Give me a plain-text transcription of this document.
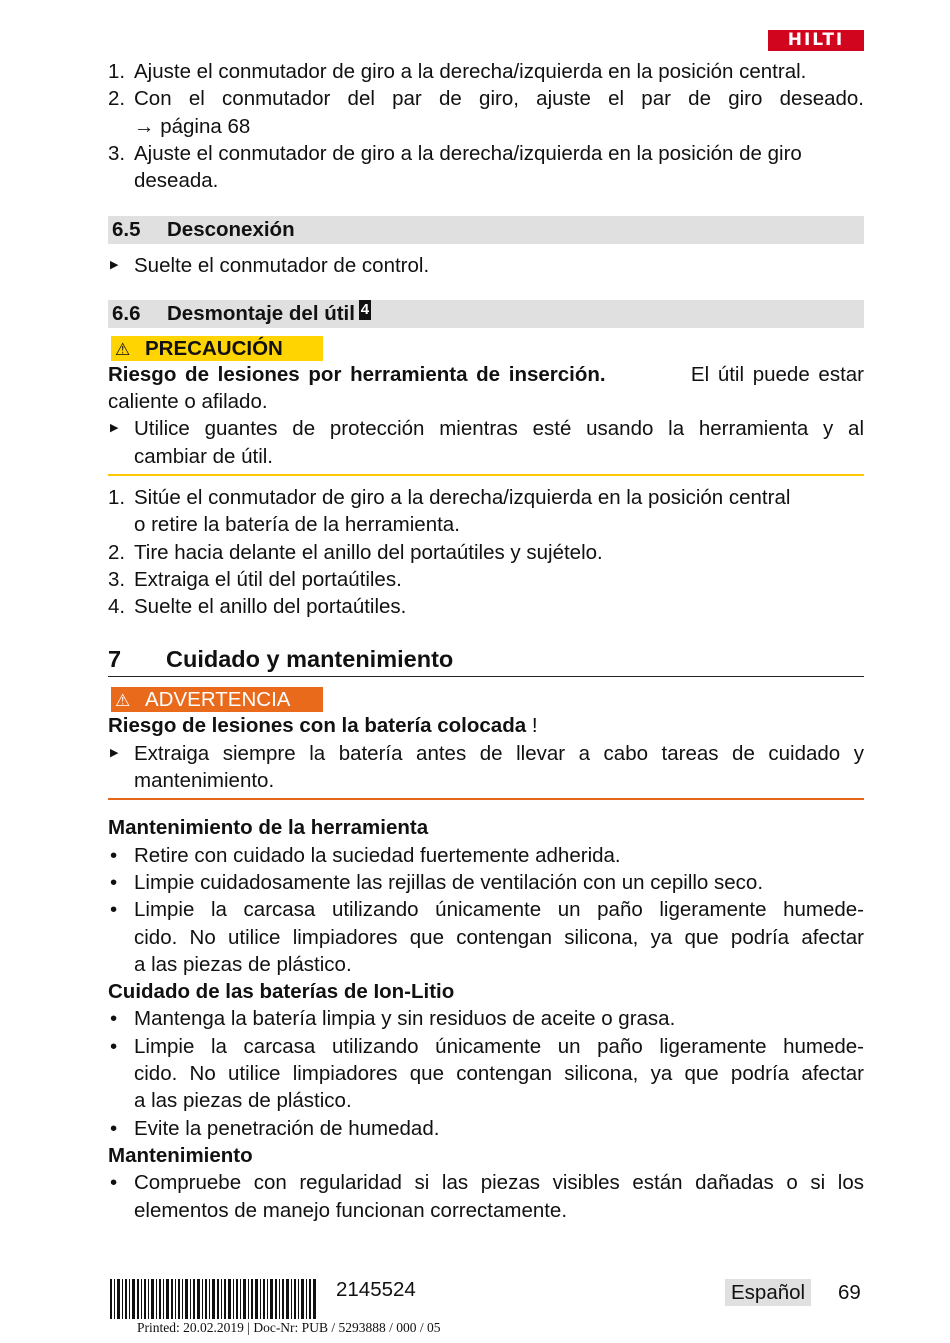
HILTI
1. Ajuste el conmutador de giro a la derecha/izquierda en la posición central.
2. Con el conmutador del par de giro, ajuste el par de giro deseado.
→ página 68
3. Ajuste el conmutador de giro a la derecha/izquierda en la posición de giro
deseada.
6.5	Desconexión
▶ Suelte el conmutador de control.
6.6	Desmontaje del útil 4
⚠ PRECAUCIÓN
Riesgo de lesiones por herramienta de inserción.	El útil puede estar
caliente o afilado.
▶ Utilice guantes de protección mientras esté usando la herramienta y al
cambiar de útil.
1. Sitúe el conmutador de giro a la derecha/izquierda en la posición central
o retire la batería de la herramienta.
2. Tire hacia delante el anillo del portaútiles y sujételo.
3. Extraiga el útil del portaútiles.
4. Suelte el anillo del portaútiles.
7	Cuidado y mantenimiento
⚠ ADVERTENCIA
Riesgo de lesiones con la batería colocada !
▶ Extraiga siempre la batería antes de llevar a cabo tareas de cuidado y
mantenimiento.
Mantenimiento de la herramienta
• Retire con cuidado la suciedad fuertemente adherida.
• Limpie cuidadosamente las rejillas de ventilación con un cepillo seco.
• Limpie la carcasa utilizando únicamente un paño ligeramente humede-
cido. No utilice limpiadores que contengan silicona, ya que podría afectar
a las piezas de plástico.
Cuidado de las baterías de Ion-Litio
• Mantenga la batería limpia y sin residuos de aceite o grasa.
• Limpie la carcasa utilizando únicamente un paño ligeramente humede-
cido. No utilice limpiadores que contengan silicona, ya que podría afectar
a las piezas de plástico.
• Evite la penetración de humedad.
Mantenimiento
• Compruebe con regularidad si las piezas visibles están dañadas o si los
elementos de manejo funcionan correctamente.
2145524	Español 69
Printed: 20.02.2019 | Doc-Nr: PUB / 5293888 / 000 / 05
